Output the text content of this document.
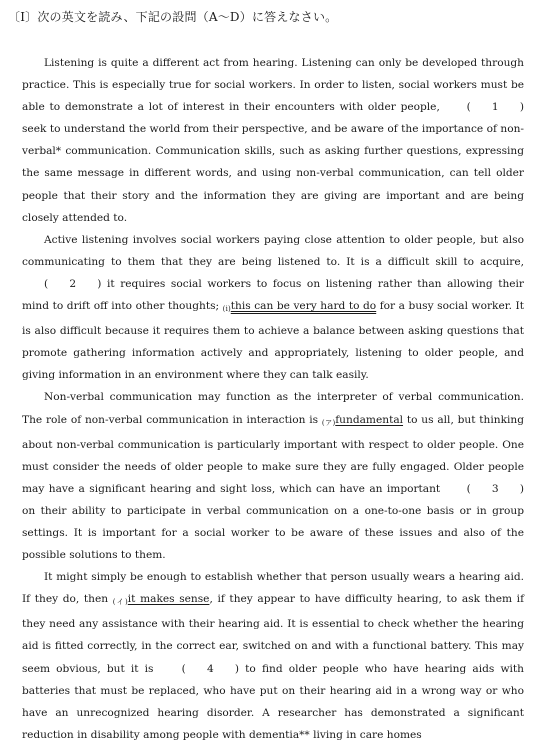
〔Ⅰ〕次の英文を読み、下記の設問（A〜D）に答えなさい。

Listening is quite a different act from hearing. Listening can only be developed through practice. This is especially true for social workers. In order to listen, social workers must be able to demonstrate a lot of interest in their encounters with older people, (　　1　　) seek to understand the world from their perspective, and be aware of the importance of non-verbal* communication. Communication skills, such as asking further questions, expressing the same message in different words, and using non-verbal communication, can tell older people that their story and the information they are giving are important and are being closely attended to.

Active listening involves social workers paying close attention to older people, but also communicating to them that they are being listened to. It is a difficult skill to acquire, (　　2　　) it requires social workers to focus on listening rather than allowing their mind to drift off into other thoughts; (ⅰ)this can be very hard to do for a busy social worker. It is also difficult because it requires them to achieve a balance between asking questions that promote gathering information actively and appropriately, listening to older people, and giving information in an environment where they can talk easily.

Non-verbal communication may function as the interpreter of verbal communication. The role of non-verbal communication in interaction is (ア)fundamental to us all, but thinking about non-verbal communication is particularly important with respect to older people. One must consider the needs of older people to make sure they are fully engaged. Older people may have a significant hearing and sight loss, which can have an important (　　3　　) on their ability to participate in verbal communication on a one-to-one basis or in group settings. It is important for a social worker to be aware of these issues and also of the possible solutions to them.

It might simply be enough to establish whether that person usually wears a hearing aid. If they do, then (イ)it makes sense, if they appear to have difficulty hearing, to ask them if they need any assistance with their hearing aid. It is essential to check whether the hearing aid is fitted correctly, in the correct ear, switched on and with a functional battery. This may seem obvious, but it is (　　4　　) to find older people who have hearing aids with batteries that must be replaced, who have put on their hearing aid in a wrong way or who have an unrecognized hearing disorder. A researcher has demonstrated a significant reduction in disability among people with dementia** living in care homes
